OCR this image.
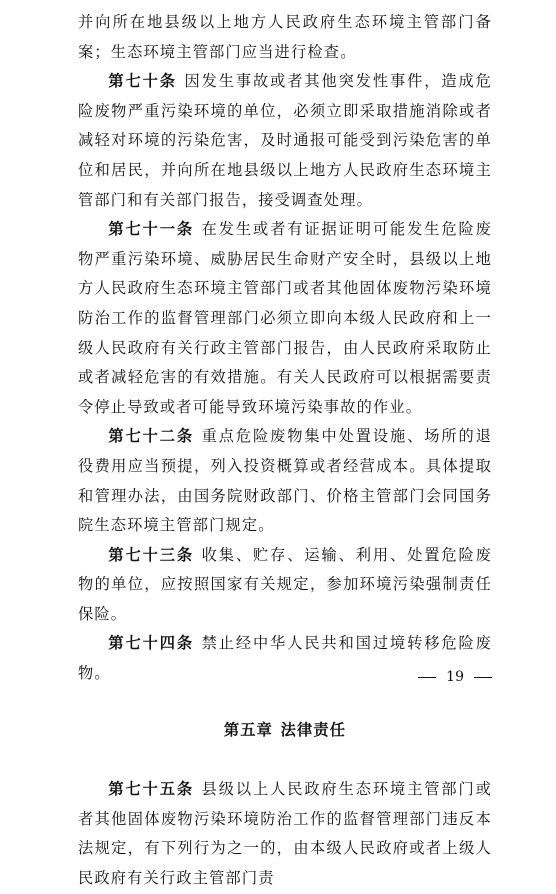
并向所在地县级以上地方人民政府生态环境主管部门备案；生态环境主管部门应当进行检查。

第七十条 因发生事故或者其他突发性事件，造成危险废物严重污染环境的单位，必须立即采取措施消除或者减轻对环境的污染危害，及时通报可能受到污染危害的单位和居民，并向所在地县级以上地方人民政府生态环境主管部门和有关部门报告，接受调查处理。

第七十一条 在发生或者有证据证明可能发生危险废物严重污染环境、威胁居民生命财产安全时，县级以上地方人民政府生态环境主管部门或者其他固体废物污染环境防治工作的监督管理部门必须立即向本级人民政府和上一级人民政府有关行政主管部门报告，由人民政府采取防止或者减轻危害的有效措施。有关人民政府可以根据需要责令停止导致或者可能导致环境污染事故的作业。

第七十二条 重点危险废物集中处置设施、场所的退役费用应当预提，列入投资概算或者经营成本。具体提取和管理办法，由国务院财政部门、价格主管部门会同国务院生态环境主管部门规定。

第七十三条 收集、贮存、运输、利用、处置危险废物的单位，应按照国家有关规定，参加环境污染强制责任保险。

第七十四条 禁止经中华人民共和国过境转移危险废物。

第五章 法律责任

第七十五条 县级以上人民政府生态环境主管部门或者其他固体废物污染环境防治工作的监督管理部门违反本法规定，有下列行为之一的，由本级人民政府或者上级人民政府有关行政主管部门责

19
